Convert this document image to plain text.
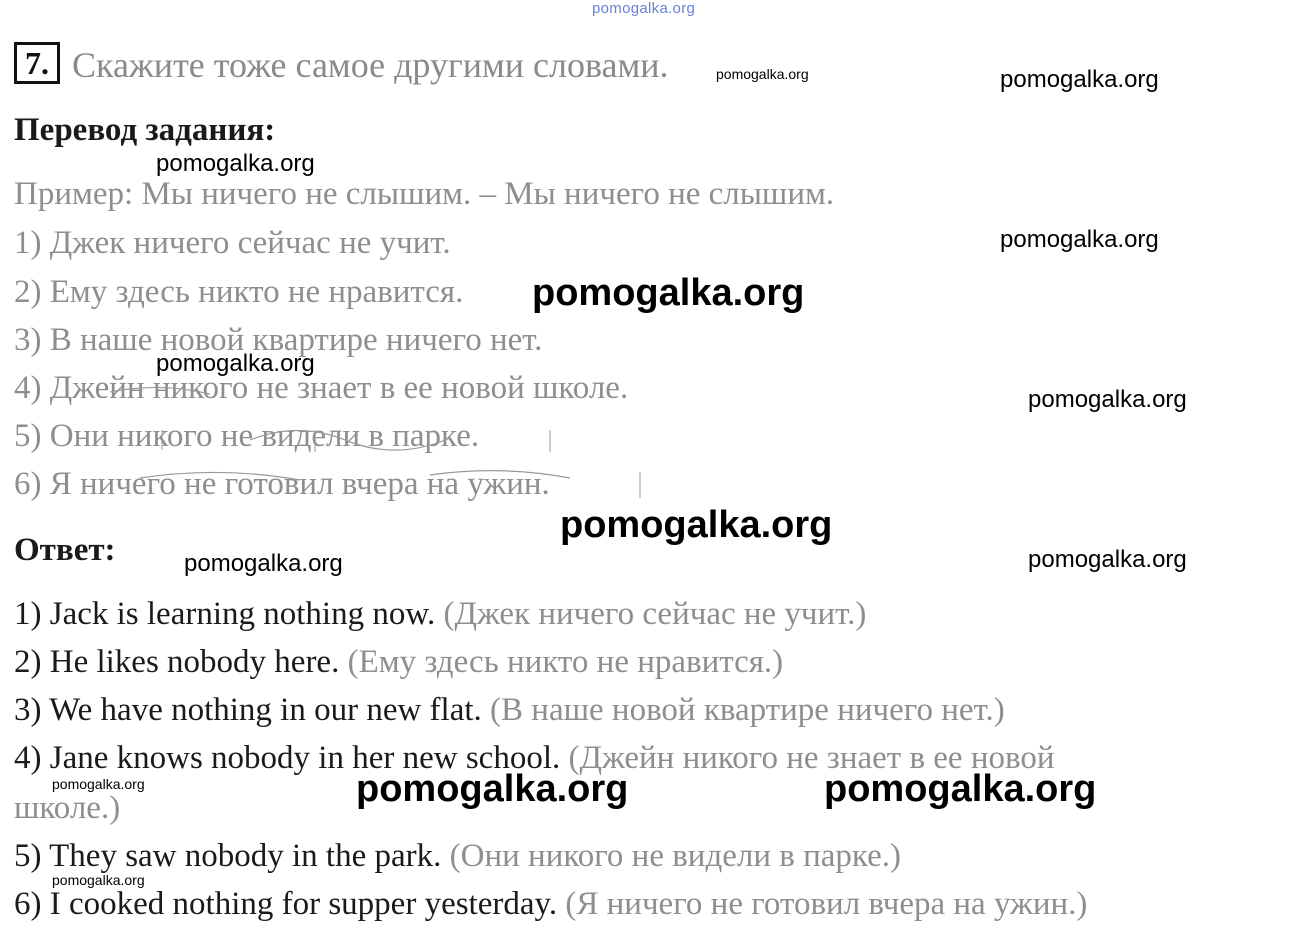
pomogalka.org
7. Скажите тоже самое другими словами.
Перевод задания:
Пример: Мы ничего не слышим. – Мы ничего не слышим.
1) Джек ничего сейчас не учит.
2) Ему здесь никто не нравится.
3) В наше новой квартире ничего нет.
4) Джейн никого не знает в ее новой школе.
5) Они никого не видели в парке.
6) Я ничего не готовил вчера на ужин.
Ответ:
1) Jack is learning nothing now. (Джек ничего сейчас не учит.)
2) He likes nobody here. (Ему здесь никто не нравится.)
3) We have nothing in our new flat. (В наше новой квартире ничего нет.)
4) Jane knows nobody in her new school. (Джейн никого не знает в ее новой
школе.)
5) They saw nobody in the park. (Они никого не видели в парке.)
6) I cooked nothing for supper yesterday. (Я ничего не готовил вчера на ужин.)
pomogalka.org	pomogalka.org
pomogalka.org
pomogalka.org
pomogalka.org
pomogalka.org
pomogalka.org
pomogalka.org
pomogalka.org	pomogalka.org
pomogalka.org	pomogalka.org	pomogalka.org
pomogalka.org
